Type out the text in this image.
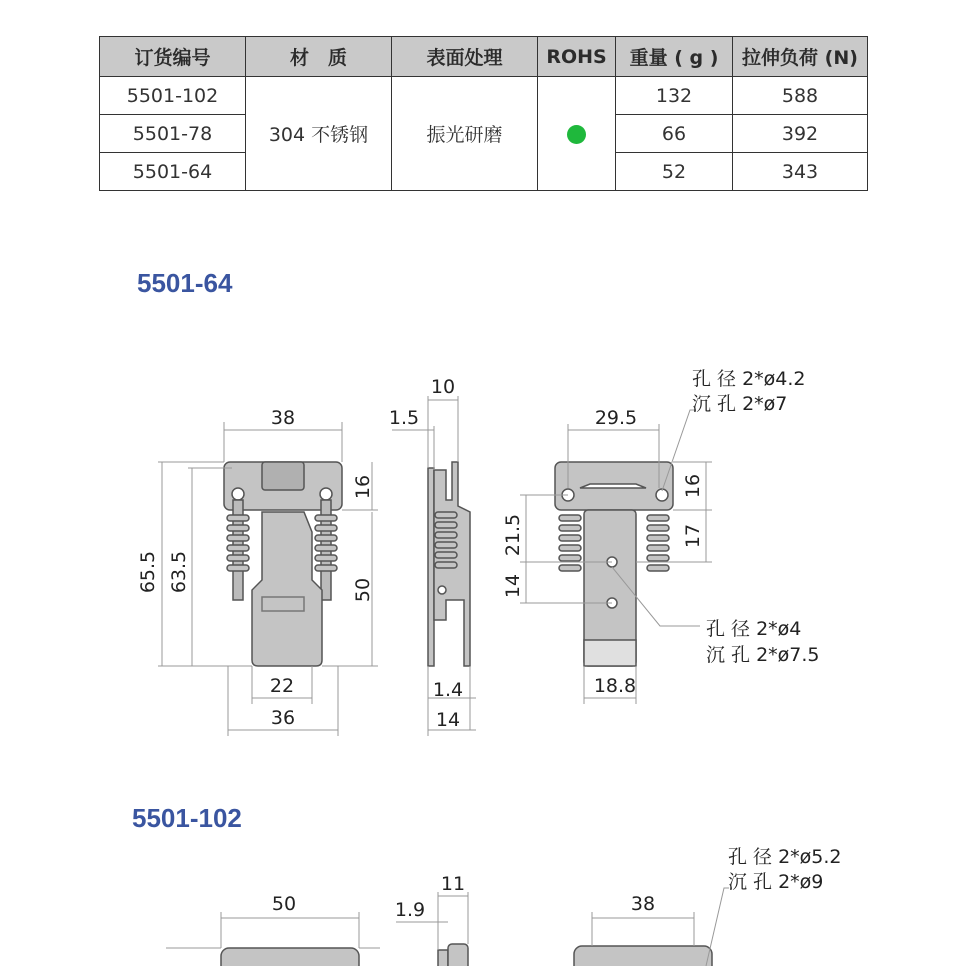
订货编号	材　质	表面处理	ROHS	重量 ( g )	拉伸负荷 (N)
5501-102	304 不锈钢	振光研磨		132	588
5501-78				66	392
5501-64				52	343
5501-64
5501-102
38
65.5 63.5
16
50
22
36
10
1.5
1.4
14
29.5
16
17
21.5
14
18.8
孔 径 2*ø4.2
沉 孔 2*ø7
孔 径 2*ø4
沉 孔 2*ø7.5
50
11
1.9	38
孔 径 2*ø5.2
沉 孔 2*ø9
